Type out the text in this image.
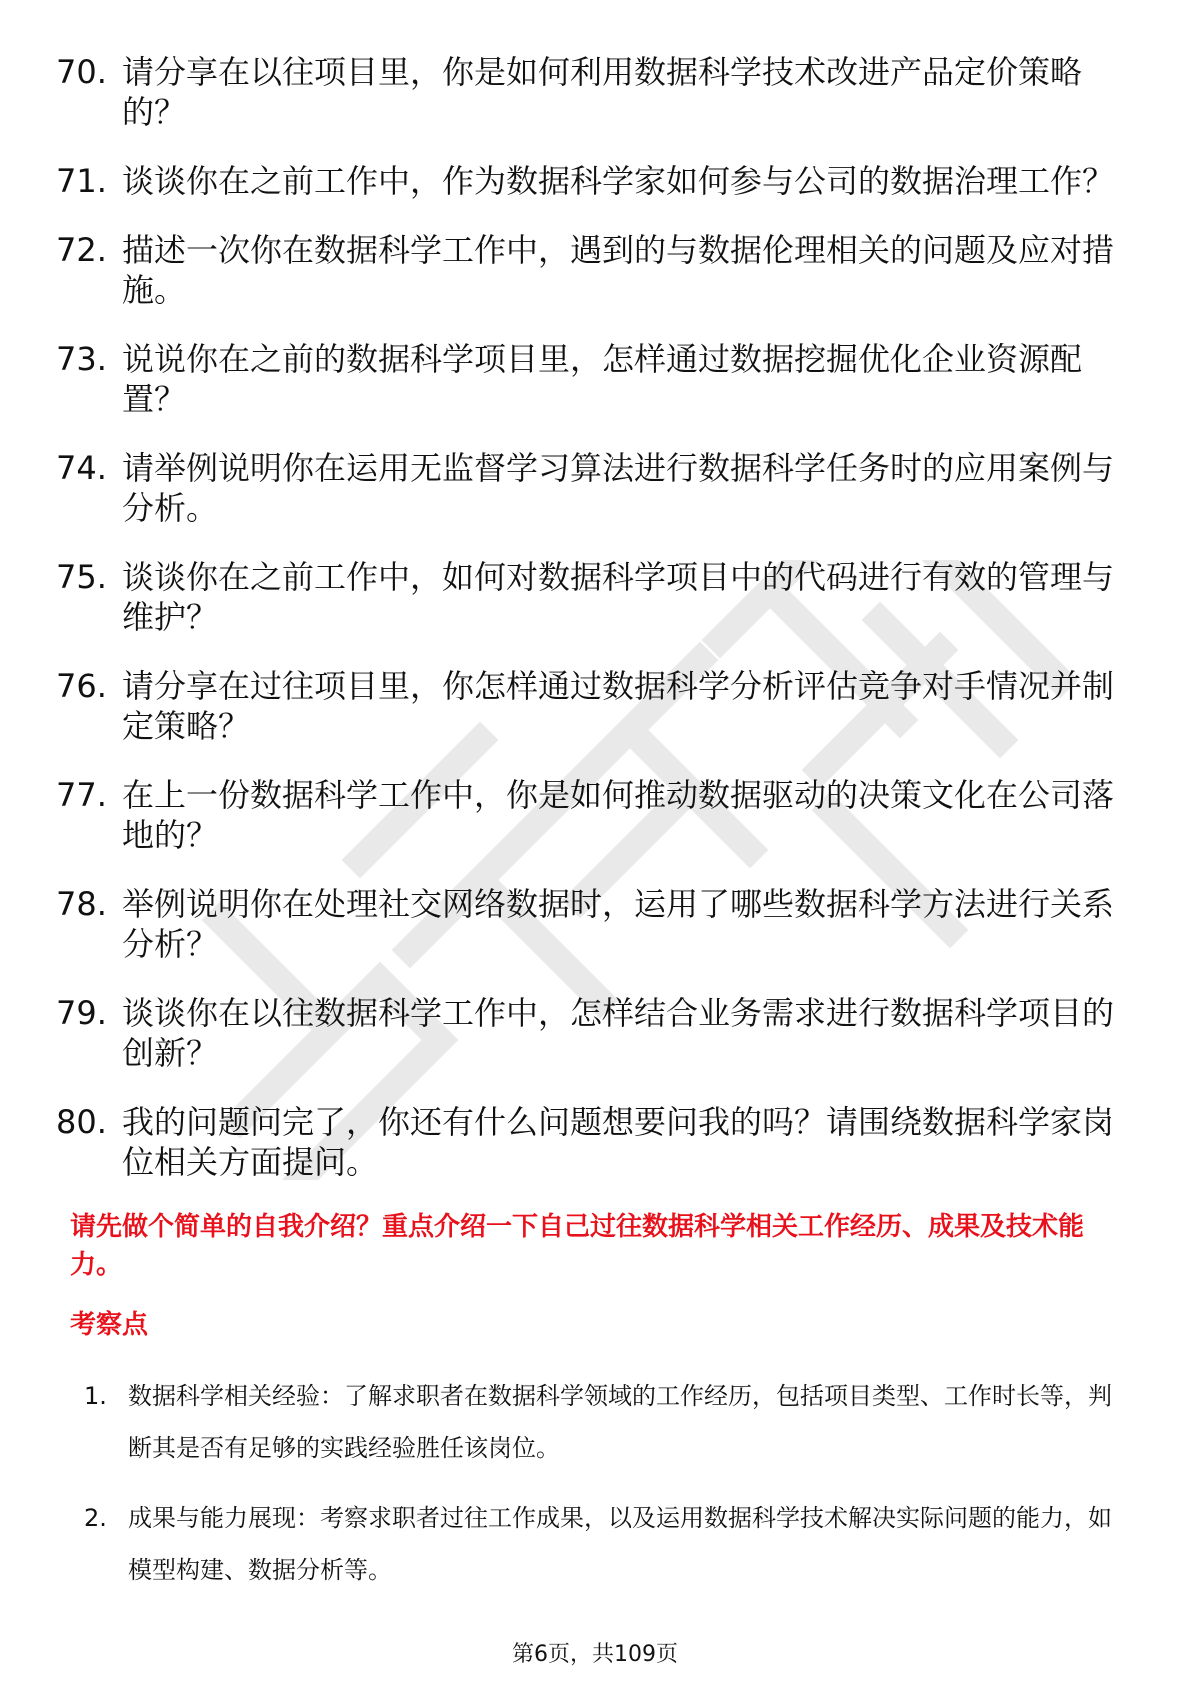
70. 请分享在以往项目里，你是如何利用数据科学技术改进产品定价策略的？
71. 谈谈你在之前工作中，作为数据科学家如何参与公司的数据治理工作？
72. 描述一次你在数据科学工作中，遇到的与数据伦理相关的问题及应对措施。
73. 说说你在之前的数据科学项目里，怎样通过数据挖掘优化企业资源配置？
74. 请举例说明你在运用无监督学习算法进行数据科学任务时的应用案例与分析。
75. 谈谈你在之前工作中，如何对数据科学项目中的代码进行有效的管理与维护？
76. 请分享在过往项目里，你怎样通过数据科学分析评估竞争对手情况并制定策略？
77. 在上一份数据科学工作中，你是如何推动数据驱动的决策文化在公司落地的？
78. 举例说明你在处理社交网络数据时，运用了哪些数据科学方法进行关系分析？
79. 谈谈你在以往数据科学工作中，怎样结合业务需求进行数据科学项目的创新？
80. 我的问题问完了，你还有什么问题想要问我的吗？请围绕数据科学家岗位相关方面提问。
请先做个简单的自我介绍？重点介绍一下自己过往数据科学相关工作经历、成果及技术能力。
考察点
1. 数据科学相关经验：了解求职者在数据科学领域的工作经历，包括项目类型、工作时长等，判断其是否有足够的实践经验胜任该岗位。
2. 成果与能力展现：考察求职者过往工作成果，以及运用数据科学技术解决实际问题的能力，如模型构建、数据分析等。
第6页，共109页
